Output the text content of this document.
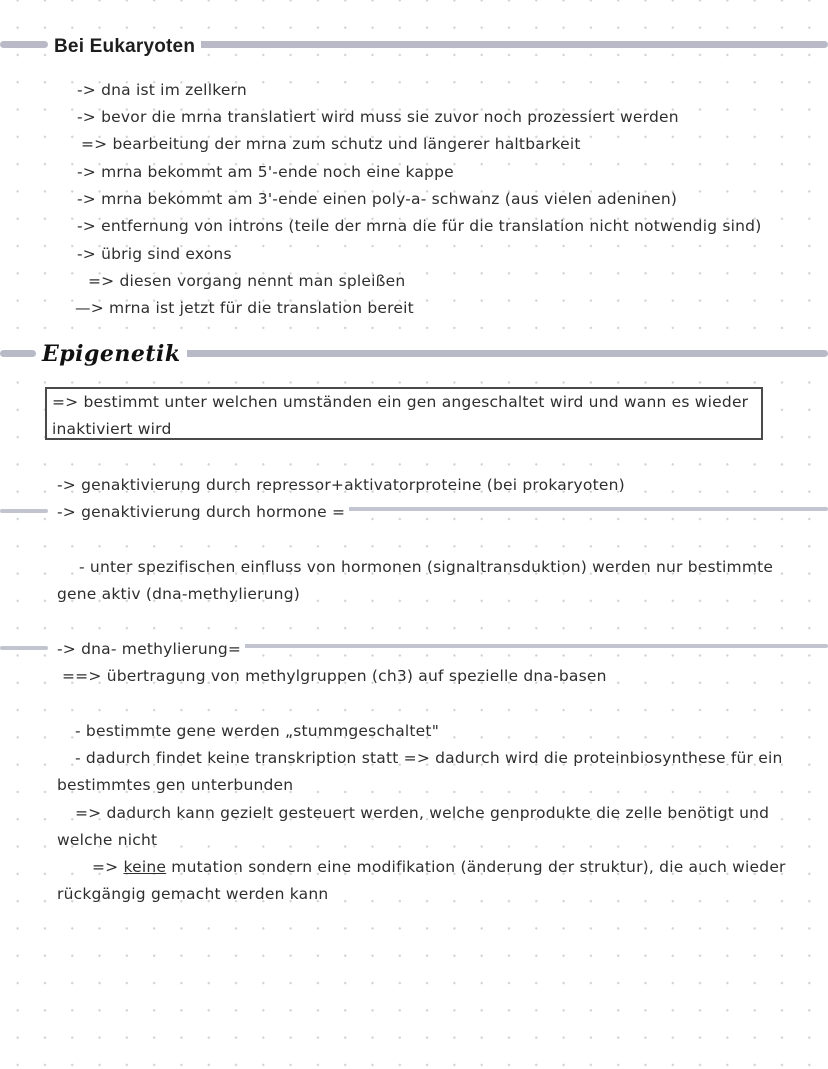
Bei Eukaryoten
-> dna ist im zellkern
-> bevor die mrna translatiert wird muss sie zuvor noch prozessiert werden
=> bearbeitung der mrna zum schutz und längerer haltbarkeit
-> mrna bekommt am 5'-ende noch eine kappe
-> mrna bekommt am 3'-ende einen poly-a- schwanz (aus vielen adeninen)
-> entfernung von introns (teile der mrna die für die translation nicht notwendig sind)
-> übrig sind exons
=> diesen vorgang nennt man spleißen
—> mrna ist jetzt für die translation bereit
Epigenetik
=> bestimmt unter welchen umständen ein gen angeschaltet wird und wann es wieder
inaktiviert wird
-> genaktivierung durch repressor+aktivatorproteine (bei prokaryoten)
-> genaktivierung durch hormone =
- unter spezifischen einfluss von hormonen (signaltransduktion) werden nur bestimmte
gene aktiv (dna-methylierung)
-> dna- methylierung=
==> übertragung von methylgruppen (ch3) auf spezielle dna-basen
- bestimmte gene werden „stummgeschaltet"
- dadurch findet keine transkription statt => dadurch wird die proteinbiosynthese für ein
bestimmtes gen unterbunden
=> dadurch kann gezielt gesteuert werden, welche genprodukte die zelle benötigt und
welche nicht
=> keine mutation sondern eine modifikation (änderung der struktur), die auch wieder
rückgängig gemacht werden kann
